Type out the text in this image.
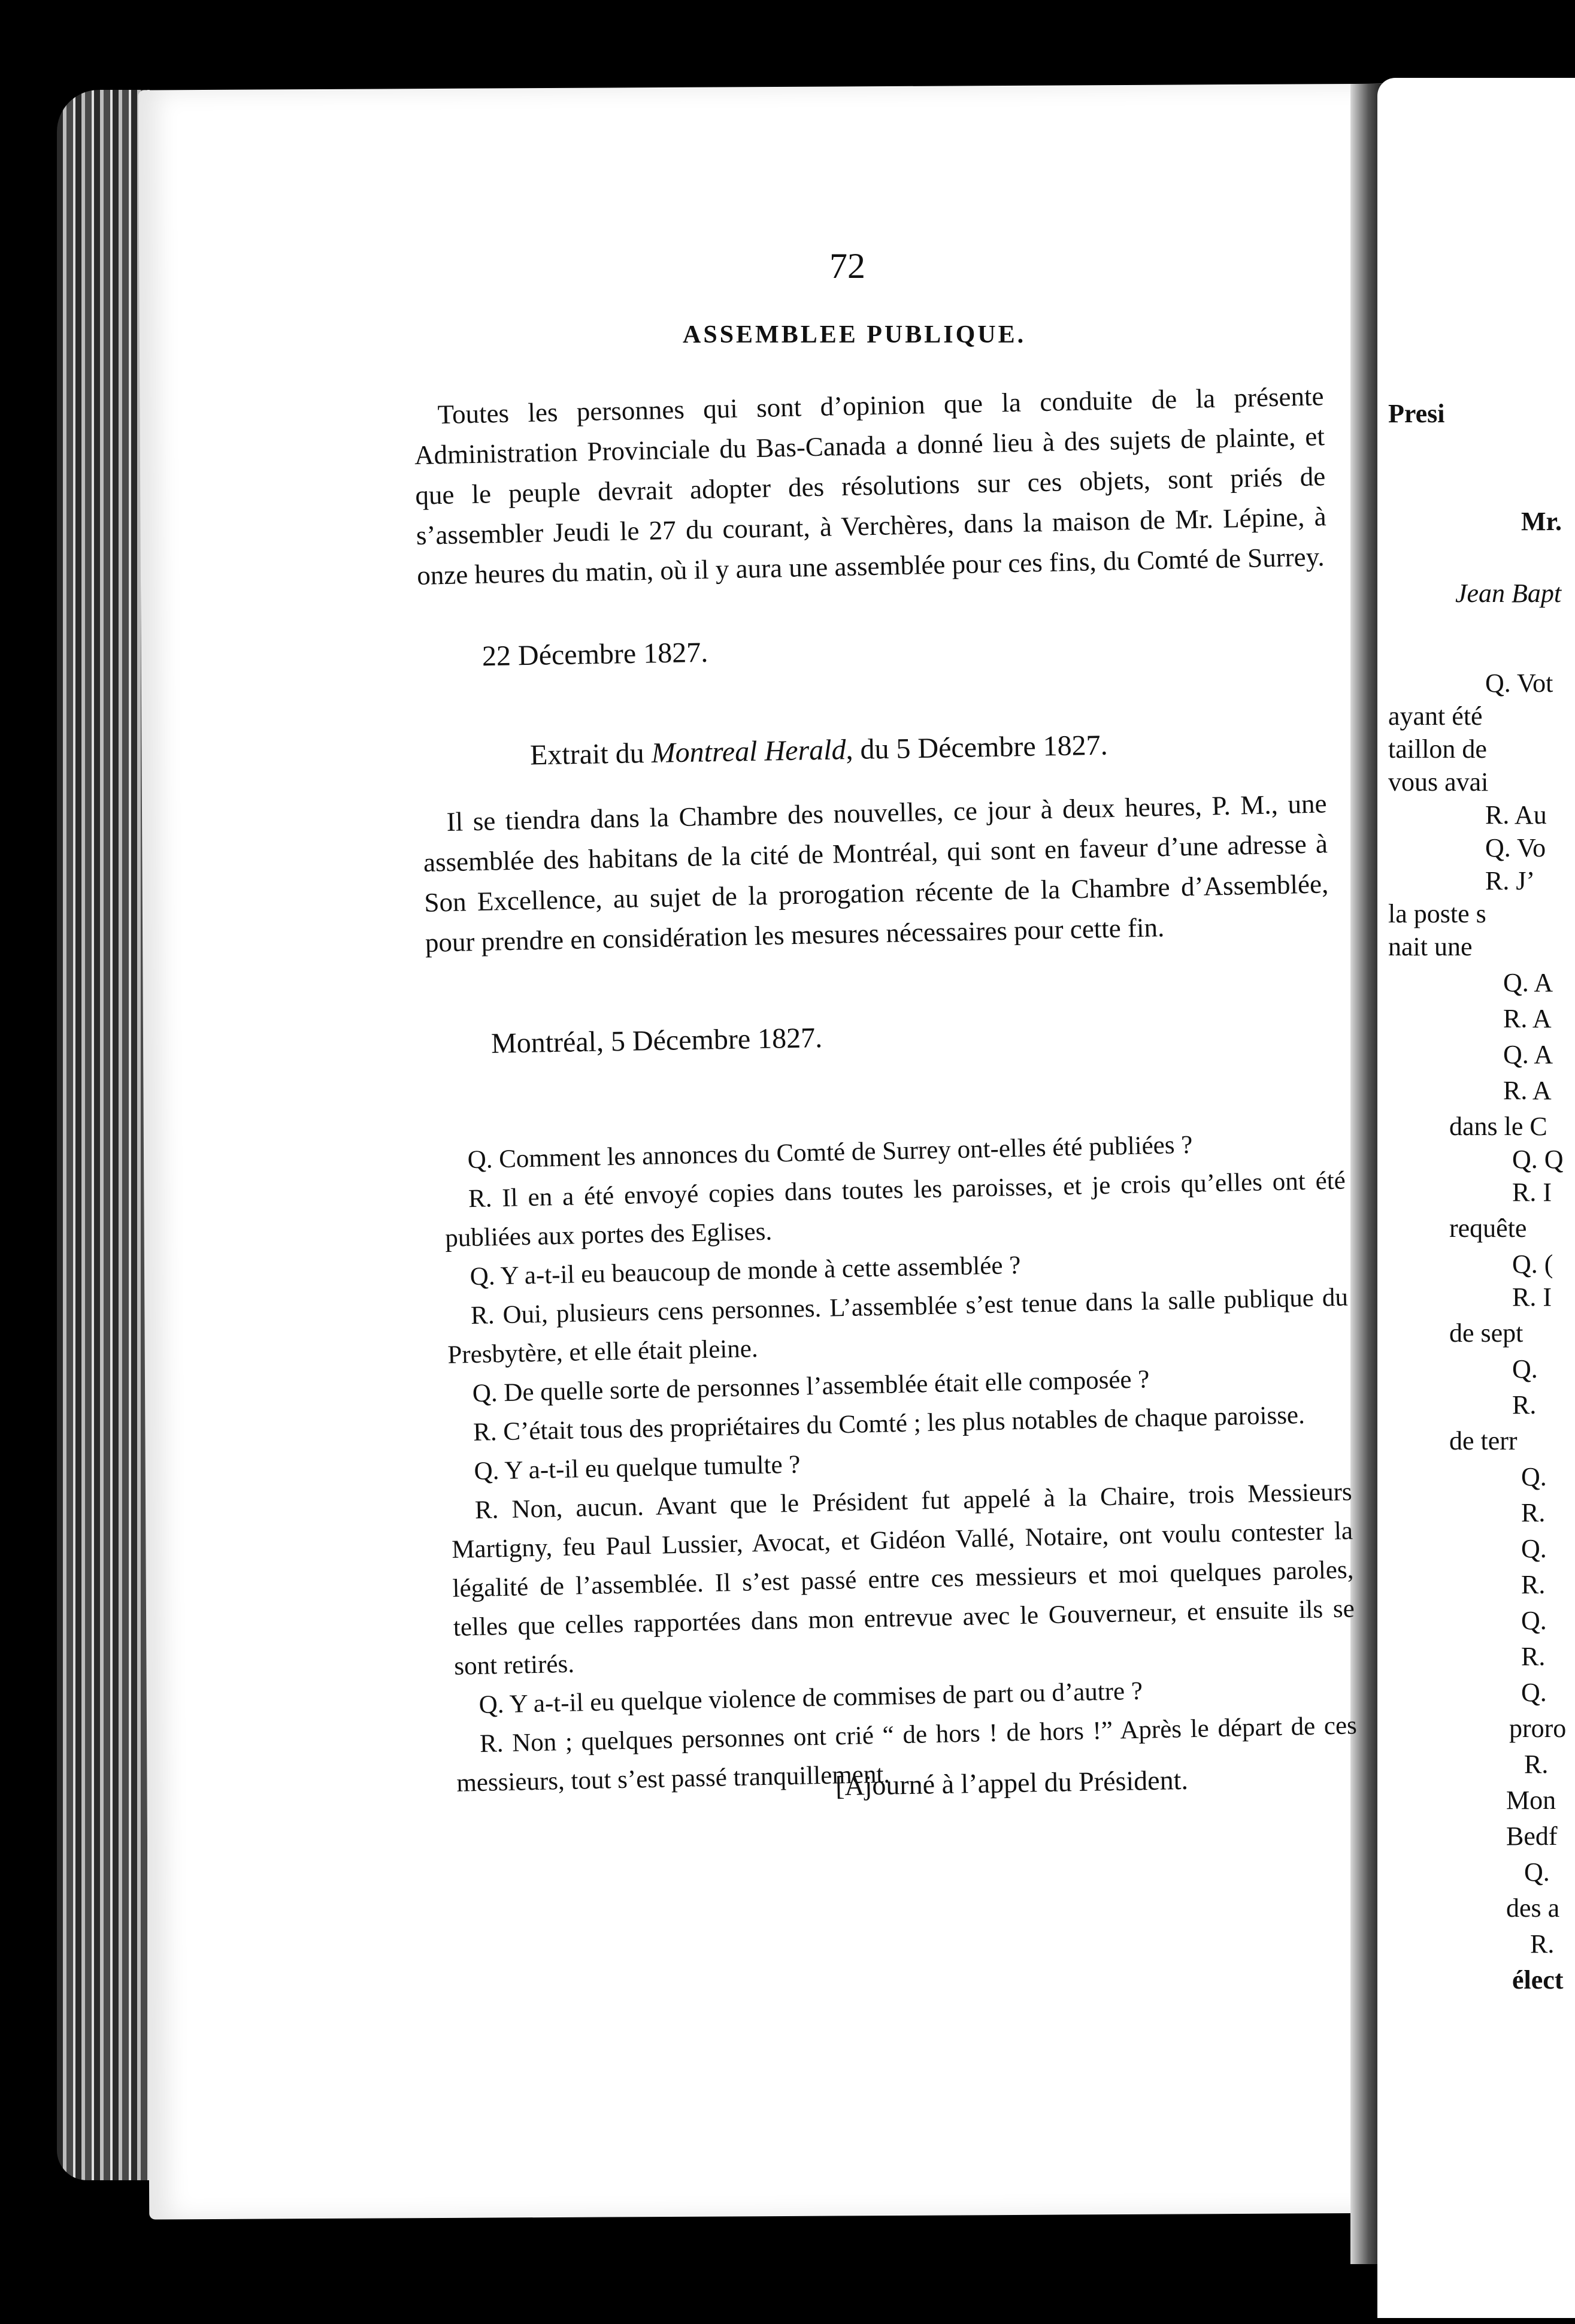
72
ASSEMBLEE PUBLIQUE.

Toutes les personnes qui sont d’opinion que la conduite de la présente Administration Provinciale du Bas-Canada a donné lieu à des sujets de plainte, et que le peuple devrait adopter des résolutions sur ces objets, sont priés de s’assembler Jeudi le 27 du courant, à Verchères, dans la maison de Mr. Lépine, à onze heures du matin, où il y aura une assemblée pour ces fins, du Comté de Surrey.

22 Décembre 1827.
Extrait du Montreal Herald, du 5 Décembre 1827.

Il se tiendra dans la Chambre des nouvelles, ce jour à deux heures, P. M., une assemblée des habitans de la cité de Montréal, qui sont en faveur d’une adresse à Son Excellence, au sujet de la prorogation récente de la Chambre d’Assemblée, pour prendre en considération les mesures nécessaires pour cette fin.

Montréal, 5 Décembre 1827.

Q. Comment les annonces du Comté de Surrey ont-elles été publiées ?

R. Il en a été envoyé copies dans toutes les paroisses, et je crois qu’elles ont été publiées aux portes des Eglises.

Q. Y a-t-il eu beaucoup de monde à cette assemblée ?

R. Oui, plusieurs cens personnes. L’assemblée s’est tenue dans la salle publique du Presbytère, et elle était pleine.

Q. De quelle sorte de personnes l’assemblée était elle composée ?

R. C’était tous des propriétaires du Comté ; les plus notables de chaque paroisse.

Q. Y a-t-il eu quelque tumulte ?

R. Non, aucun. Avant que le Président fut appelé à la Chaire, trois Messieurs Martigny, feu Paul Lussier, Avocat, et Gidéon Vallé, Notaire, ont voulu contester la légalité de l’assemblée. Il s’est passé entre ces messieurs et moi quelques paroles, telles que celles rapportées dans mon entrevue avec le Gouverneur, et ensuite ils se sont retirés.

Q. Y a-t-il eu quelque violence de commises de part ou d’autre ?

R. Non ; quelques personnes ont crié “ de hors ! de hors !” Après le départ de ces messieurs, tout s’est passé tranquillement.

[Ajourné à l’appel du Président.
Presi
Mr.
Jean Bapt
Q. Vot
ayant été
taillon de
vous avai
R. Au
Q. Vo
R. J’
la poste s
nait une
Q. A
R. A
Q. A
R. A
dans le C
Q. Q
R. I
requête
Q. (
R. I
de sept
Q.
R.
de terr
Q.
R.
Q.
R.
Q.
R.
Q.
proro
R.
Mon
Bedf
Q.
des a
R.
élect
